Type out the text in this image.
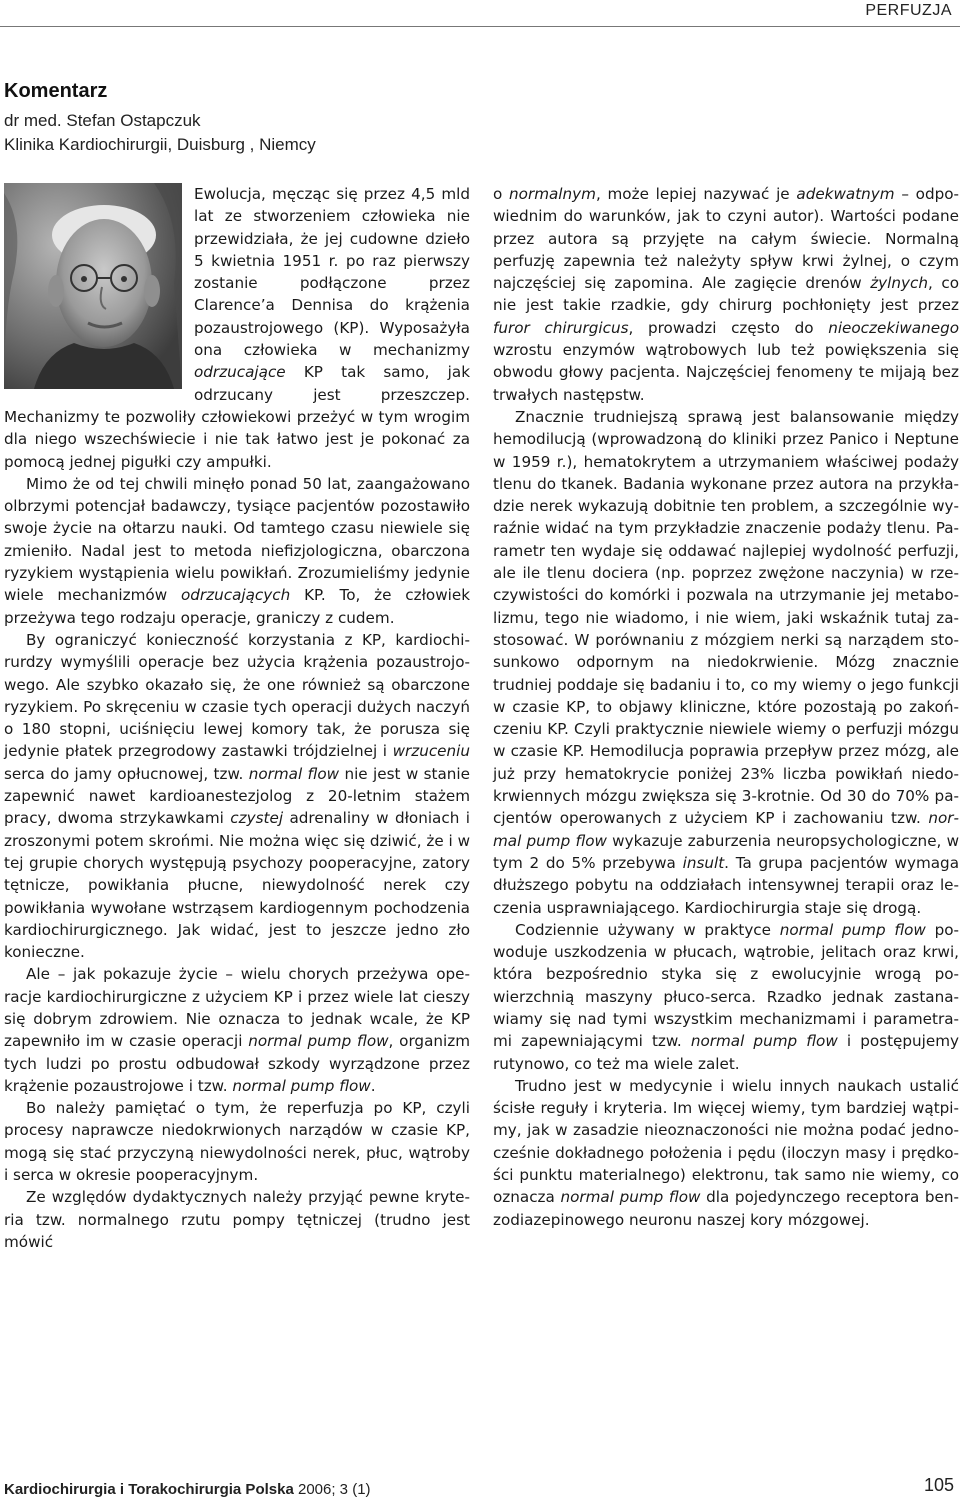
PERFUZJA
Komentarz
dr med. Stefan Ostapczuk
Klinika Kardiochirurgii, Duisburg , Niemcy

Ewolucja, męcząc się przez 4,5 mld lat ze stworzeniem człowieka nie przewidziała, że jej cudowne dzieło 5 kwietnia 1951 r. po raz pierwszy zostanie podłączone przez Clarence’a Dennisa do krążenia pozaustrojowego (KP). Wyposażyła ona człowieka w mechanizmy odrzucające KP tak samo, jak odrzucany jest przeszczep. Mechanizmy te pozwoliły człowiekowi przeżyć w tym wrogim dla niego wszechświecie i nie tak łatwo jest je pokonać za pomocą jednej pigułki czy ampułki.

Mimo że od tej chwili minęło ponad 50 lat, zaangażowano olbrzymi potencjał badawczy, tysiące pacjentów pozostawiło swoje życie na ołtarzu nauki. Od tamtego czasu niewiele się zmieniło. Nadal jest to metoda niefizjologiczna, obarczona ryzykiem wystąpienia wielu powikłań. Zrozumieliśmy jedynie wiele mechanizmów odrzucających KP. To, że człowiek przeżywa tego rodzaju operacje, graniczy z cudem.

By ograniczyć konieczność korzystania z KP, kardiochirurdzy wymyślili operacje bez użycia krążenia pozaustrojowego. Ale szybko okazało się, że one również są obarczone ryzykiem. Po skręceniu w czasie tych operacji dużych naczyń o 180 stopni, uciśnięciu lewej komory tak, że porusza się jedynie płatek przegrodowy zastawki trójdzielnej i wrzuceniu serca do jamy opłucnowej, tzw. normal flow nie jest w stanie zapewnić nawet kardioanestezjolog z 20-letnim stażem pracy, dwoma strzykawkami czystej adrenaliny w dłoniach i zroszonymi potem skrońmi. Nie można więc się dziwić, że i w tej grupie chorych występują psychozy pooperacyjne, zatory tętnicze, powikłania płucne, niewydolność nerek czy powikłania wywołane wstrząsem kardiogennym pochodzenia kardiochirurgicznego. Jak widać, jest to jeszcze jedno zło konieczne.

Ale – jak pokazuje życie – wielu chorych przeżywa operacje kardiochirurgiczne z użyciem KP i przez wiele lat cieszy się dobrym zdrowiem. Nie oznacza to jednak wcale, że KP zapewniło im w czasie operacji normal pump flow, organizm tych ludzi po prostu odbudował szkody wyrządzone przez krążenie pozaustrojowe i tzw. normal pump flow.

Bo należy pamiętać o tym, że reperfuzja po KP, czyli procesy naprawcze niedokrwionych narządów w czasie KP, mogą się stać przyczyną niewydolności nerek, płuc, wątroby i serca w okresie pooperacyjnym.

Ze względów dydaktycznych należy przyjąć pewne kryteria tzw. normalnego rzutu pompy tętniczej (trudno jest mówić

o normalnym, może lepiej nazywać je adekwatnym – odpowiednim do warunków, jak to czyni autor). Wartości podane przez autora są przyjęte na całym świecie. Normalną perfuzję zapewnia też należyty spływ krwi żylnej, o czym najczęściej się zapomina. Ale zagięcie drenów żylnych, co nie jest takie rzadkie, gdy chirurg pochłonięty jest przez furor chirurgicus, prowadzi często do nieoczekiwanego wzrostu enzymów wątrobowych lub też powiększenia się obwodu głowy pacjenta. Najczęściej fenomeny te mijają bez trwałych następstw.

Znacznie trudniejszą sprawą jest balansowanie między hemodilucją (wprowadzoną do kliniki przez Panico i Neptune w 1959 r.), hematokrytem a utrzymaniem właściwej podaży tlenu do tkanek. Badania wykonane przez autora na przykładzie nerek wykazują dobitnie ten problem, a szczególnie wyraźnie widać na tym przykładzie znaczenie podaży tlenu. Parametr ten wydaje się oddawać najlepiej wydolność perfuzji, ale ile tlenu dociera (np. poprzez zwężone naczynia) w rzeczywistości do komórki i pozwala na utrzymanie jej metabolizmu, tego nie wiadomo, i nie wiem, jaki wskaźnik tutaj zastosować. W porównaniu z mózgiem nerki są narządem stosunkowo odpornym na niedokrwienie. Mózg znacznie trudniej poddaje się badaniu i to, co my wiemy o jego funkcji w czasie KP, to objawy kliniczne, które pozostają po zakończeniu KP. Czyli praktycznie niewiele wiemy o perfuzji mózgu w czasie KP. Hemodilucja poprawia przepływ przez mózg, ale już przy hematokrycie poniżej 23% liczba powikłań niedokrwiennych mózgu zwiększa się 3-krotnie. Od 30 do 70% pacjentów operowanych z użyciem KP i zachowaniu tzw. normal pump flow wykazuje zaburzenia neuropsychologiczne, w tym 2 do 5% przebywa insult. Ta grupa pacjentów wymaga dłuższego pobytu na oddziałach intensywnej terapii oraz leczenia usprawniającego. Kardiochirurgia staje się drogą.

Codziennie używany w praktyce normal pump flow powoduje uszkodzenia w płucach, wątrobie, jelitach oraz krwi, która bezpośrednio styka się z ewolucyjnie wrogą powierzchnią maszyny płuco-serca. Rzadko jednak zastanawiamy się nad tymi wszystkim mechanizmami i parametrami zapewniającymi tzw. normal pump flow i postępujemy rutynowo, co też ma wiele zalet.

Trudno jest w medycynie i wielu innych naukach ustalić ścisłe reguły i kryteria. Im więcej wiemy, tym bardziej wątpimy, jak w zasadzie nieoznaczoności nie można podać jednocześnie dokładnego położenia i pędu (iloczyn masy i prędkości punktu materialnego) elektronu, tak samo nie wiemy, co oznacza normal pump flow dla pojedynczego receptora benzodiazepinowego neuronu naszej kory mózgowej.

Kardiochirurgia i Torakochirurgia Polska 2006; 3 (1)	105
